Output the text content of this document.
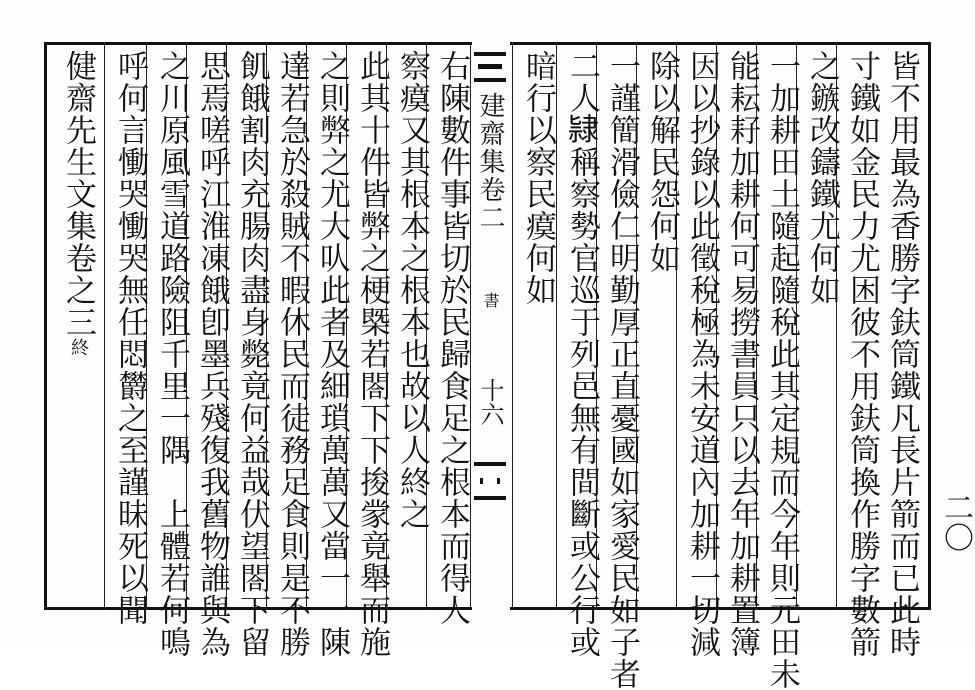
皆不用最為香勝字鈇筒鐵凡長片箭而已此時
寸鐵如金民力尤困彼不用鈇筒換作勝字數箭
之鏃改鑄鐵尤何如
一加耕田土隨起隨稅此其定規而今年則元田未
能耘耔加耕何可易撈書員只以去年加耕置簿
因以抄錄以此徵稅極為未安道內加耕一切減
除以解民怨何如
一謹簡滑儉仁明勤厚正直憂國如家愛民如子者
二人𨽻稱察勢官巡于列邑無有間斷或公行或
暗行以察民瘼何如
建齋集卷二
書
十六
右陳數件事皆切於民歸食足之根本而得人
察瘼又其根本之根本也故以人終之
此其十件皆弊之梗槩若閤下下捘䝉竟舉而施
之則弊之尤大㕥此者及細瑣萬萬又當一一陳
達若急於殺賊不暇休民而徒務足食則是不勝
飢餓割肉充腸肉盡身斃竟何益哉伏望閤下留
思焉嗟呼江淮凍餓卽墨兵殘復我舊物誰與為
之川原風雪道路險阻千里一隅　上體若何鳴
呼何言慟哭慟哭無任悶欝之至謹昧死以聞
健齋先生文集卷之三終
二〇
